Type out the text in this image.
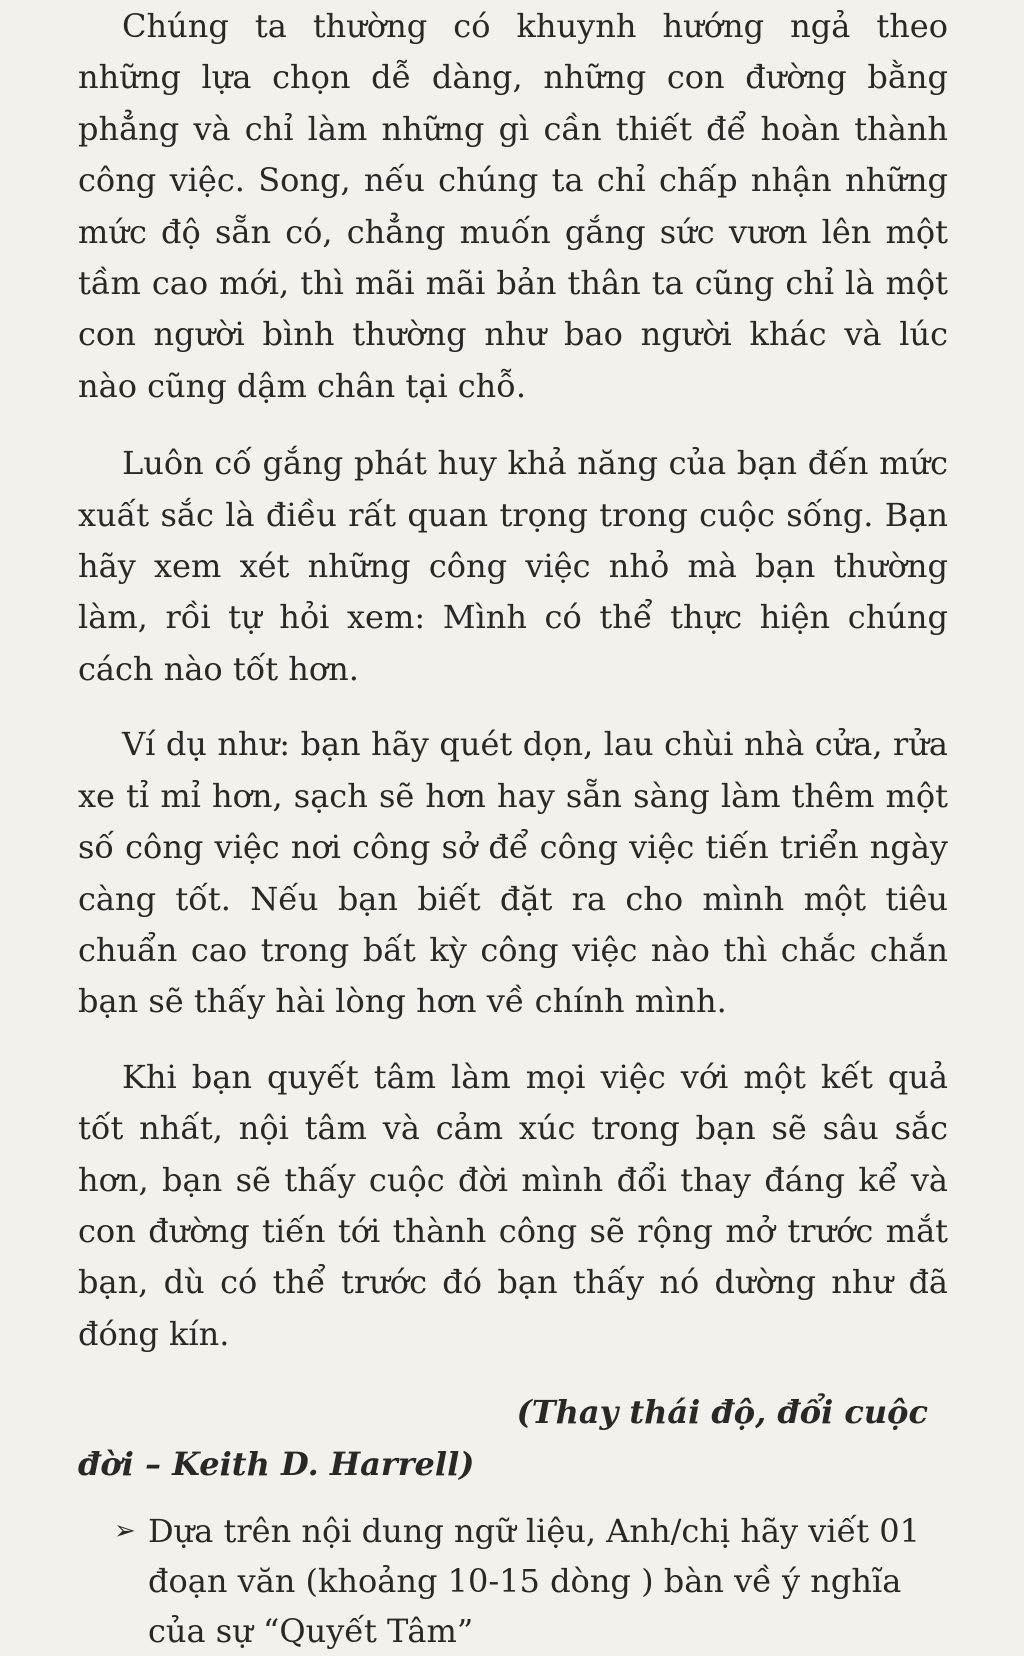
Chúng ta thường có khuynh hướng ngả theo những lựa chọn dễ dàng, những con đường bằng phẳng và chỉ làm những gì cần thiết để hoàn thành công việc. Song, nếu chúng ta chỉ chấp nhận những mức độ sẵn có, chẳng muốn gắng sức vươn lên một tầm cao mới, thì mãi mãi bản thân ta cũng chỉ là một con người bình thường như bao người khác và lúc nào cũng dậm chân tại chỗ.

Luôn cố gắng phát huy khả năng của bạn đến mức xuất sắc là điều rất quan trọng trong cuộc sống. Bạn hãy xem xét những công việc nhỏ mà bạn thường làm, rồi tự hỏi xem: Mình có thể thực hiện chúng cách nào tốt hơn.

Ví dụ như: bạn hãy quét dọn, lau chùi nhà cửa, rửa xe tỉ mỉ hơn, sạch sẽ hơn hay sẵn sàng làm thêm một số công việc nơi công sở để công việc tiến triển ngày càng tốt. Nếu bạn biết đặt ra cho mình một tiêu chuẩn cao trong bất kỳ công việc nào thì chắc chắn bạn sẽ thấy hài lòng hơn về chính mình.

Khi bạn quyết tâm làm mọi việc với một kết quả tốt nhất, nội tâm và cảm xúc trong bạn sẽ sâu sắc hơn, bạn sẽ thấy cuộc đời mình đổi thay đáng kể và con đường tiến tới thành công sẽ rộng mở trước mắt bạn, dù có thể trước đó bạn thấy nó dường như đã đóng kín.

(Thay thái độ, đổi cuộc

đời – Keith D. Harrell)

➢ Dựa trên nội dung ngữ liệu, Anh/chị hãy viết 01 đoạn văn (khoảng 10-15 dòng ) bàn về ý nghĩa của sự “Quyết Tâm”
